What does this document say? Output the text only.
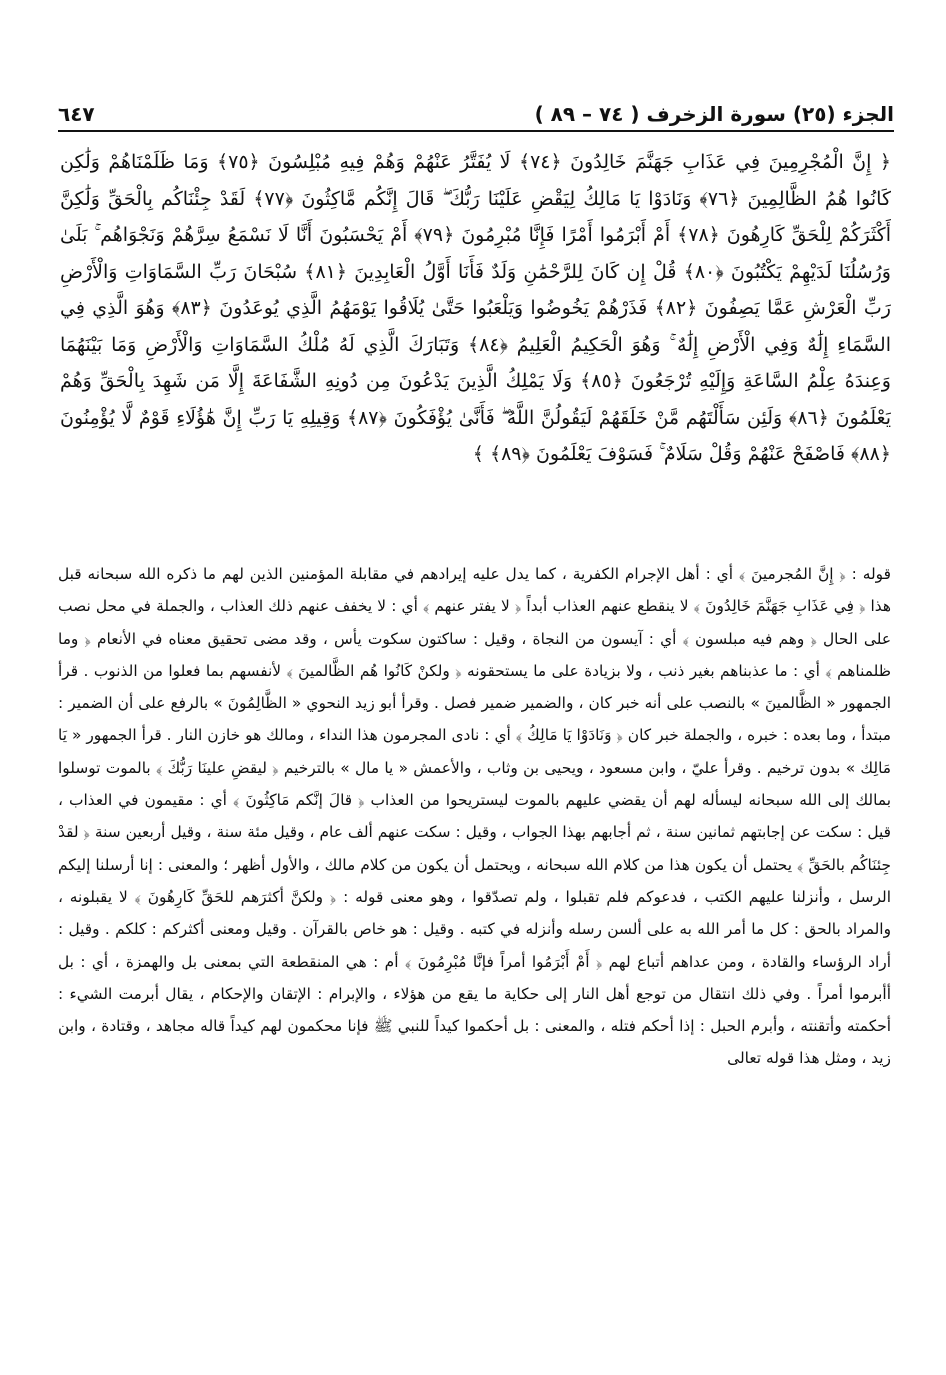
الجزء (٢٥) سورة الزخرف ( ٧٤ – ٨٩ )
٦٤٧
﴿ إِنَّ الْمُجْرِمِينَ فِي عَذَابِ جَهَنَّمَ خَالِدُونَ ﴿٧٤﴾ لَا يُفَتَّرُ عَنْهُمْ وَهُمْ فِيهِ مُبْلِسُونَ ﴿٧٥﴾ وَمَا ظَلَمْنَاهُمْ وَلَٰكِن كَانُوا هُمُ الظَّالِمِينَ ﴿٧٦﴾ وَنَادَوْا يَا مَالِكُ لِيَقْضِ عَلَيْنَا رَبُّكَ ۖ قَالَ إِنَّكُم مَّاكِثُونَ ﴿٧٧﴾ لَقَدْ جِئْنَاكُم بِالْحَقِّ وَلَٰكِنَّ أَكْثَرَكُمْ لِلْحَقِّ كَارِهُونَ ﴿٧٨﴾ أَمْ أَبْرَمُوا أَمْرًا فَإِنَّا مُبْرِمُونَ ﴿٧٩﴾ أَمْ يَحْسَبُونَ أَنَّا لَا نَسْمَعُ سِرَّهُمْ وَنَجْوَاهُم ۚ بَلَىٰ وَرُسُلُنَا لَدَيْهِمْ يَكْتُبُونَ ﴿٨٠﴾ قُلْ إِن كَانَ لِلرَّحْمَٰنِ وَلَدٌ فَأَنَا أَوَّلُ الْعَابِدِينَ ﴿٨١﴾ سُبْحَانَ رَبِّ السَّمَاوَاتِ وَالْأَرْضِ رَبِّ الْعَرْشِ عَمَّا يَصِفُونَ ﴿٨٢﴾ فَذَرْهُمْ يَخُوضُوا وَيَلْعَبُوا حَتَّىٰ يُلَاقُوا يَوْمَهُمُ الَّذِي يُوعَدُونَ ﴿٨٣﴾ وَهُوَ الَّذِي فِي السَّمَاءِ إِلَٰهٌ وَفِي الْأَرْضِ إِلَٰهٌ ۚ وَهُوَ الْحَكِيمُ الْعَلِيمُ ﴿٨٤﴾ وَتَبَارَكَ الَّذِي لَهُ مُلْكُ السَّمَاوَاتِ وَالْأَرْضِ وَمَا بَيْنَهُمَا وَعِندَهُ عِلْمُ السَّاعَةِ وَإِلَيْهِ تُرْجَعُونَ ﴿٨٥﴾ وَلَا يَمْلِكُ الَّذِينَ يَدْعُونَ مِن دُونِهِ الشَّفَاعَةَ إِلَّا مَن شَهِدَ بِالْحَقِّ وَهُمْ يَعْلَمُونَ ﴿٨٦﴾ وَلَئِن سَأَلْتَهُم مَّنْ خَلَقَهُمْ لَيَقُولُنَّ اللَّهُ ۖ فَأَنَّىٰ يُؤْفَكُونَ ﴿٨٧﴾ وَقِيلِهِ يَا رَبِّ إِنَّ هَٰؤُلَاءِ قَوْمٌ لَّا يُؤْمِنُونَ ﴿٨٨﴾ فَاصْفَحْ عَنْهُمْ وَقُلْ سَلَامٌ ۚ فَسَوْفَ يَعْلَمُونَ ﴿٨٩﴾ ﴾
قوله : ﴿ إِنَّ المُجرمينَ ﴾ أي : أهل الإجرام الكفرية ، كما يدل عليه إيرادهم في مقابلة المؤمنين الذين لهم ما ذكره الله سبحانه قبل هذا ﴿ فِي عَذَابِ جَهَنَّمَ خَالِدُونَ ﴾ لا ينقطع عنهم العذاب أبداً ﴿ لا يفتر عنهم ﴾ أي : لا يخفف عنهم ذلك العذاب ، والجملة في محل نصب على الحال ﴿ وهم فيه مبلسون ﴾ أي : آيسون من النجاة ، وقيل : ساكتون سكوت يأس ، وقد مضى تحقيق معناه في الأنعام ﴿ وما ظلمناهم ﴾ أي : ما عذبناهم بغير ذنب ، ولا بزيادة على ما يستحقونه ﴿ ولكنْ كَانُوا هُم الظَّالمينَ ﴾ لأنفسهم بما فعلوا من الذنوب . قرأ الجمهور « الظَّالمينَ » بالنصب على أنه خبر كان ، والضمير ضمير فصل . وقرأ أبو زيد النحوي « الظَّالِمُونَ » بالرفع على أن الضمير : مبتدأ ، وما بعده : خبره ، والجملة خبر كان ﴿ وَنَادَوْا يَا مَالِكُ ﴾ أي : نادى المجرمون هذا النداء ، ومالك هو خازن النار . قرأ الجمهور « يَا مَالِك » بدون ترخيم . وقرأ عليّ ، وابن مسعود ، ويحيى بن وثاب ، والأعمش « يا مال » بالترخيم ﴿ ليقضِ علينَا رَبُّكَ ﴾ بالموت توسلوا بمالك إلى الله سبحانه ليسأله لهم أن يقضي عليهم بالموت ليستريحوا من العذاب ﴿ قالَ إنَّكم مَاكِثُونَ ﴾ أي : مقيمون في العذاب ، قيل : سكت عن إجابتهم ثمانين سنة ، ثم أجابهم بهذا الجواب ، وقيل : سكت عنهم ألف عام ، وقيل مئة سنة ، وقيل أربعين سنة ﴿ لقدْ جِئنَاكُم بالحَقِّ ﴾ يحتمل أن يكون هذا من كلام الله سبحانه ، ويحتمل أن يكون من كلام مالك ، والأول أظهر ؛ والمعنى : إنا أرسلنا إليكم الرسل ، وأنزلنا عليهم الكتب ، فدعوكم فلم تقبلوا ، ولم تصدّقوا ، وهو معنى قوله : ﴿ ولكنَّ أكثرَهم للحَقِّ كَارِهُونَ ﴾ لا يقبلونه ، والمراد بالحق : كل ما أمر الله به على ألسن رسله وأنزله في كتبه . وقيل : هو خاص بالقرآن . وقيل ومعنى أكثركم : كلكم . وقيل : أراد الرؤساء والقادة ، ومن عداهم أتباع لهم ﴿ أَمْ أَبْرَمُوا أمراً فإنَّا مُبْرِمُونَ ﴾ أم : هي المنقطعة التي بمعنى بل والهمزة ، أي : بل أأبرموا أمراً . وفي ذلك انتقال من توجع أهل النار إلى حكاية ما يقع من هؤلاء ، والإبرام : الإتقان والإحكام ، يقال أبرمت الشيء : أحكمته وأتقنته ، وأبرم الحبل : إذا أحكم فتله ، والمعنى : بل أحكموا كيداً للنبي ﷺ فإنا محكمون لهم كيداً قاله مجاهد ، وقتادة ، وابن زيد ، ومثل هذا قوله تعالى
